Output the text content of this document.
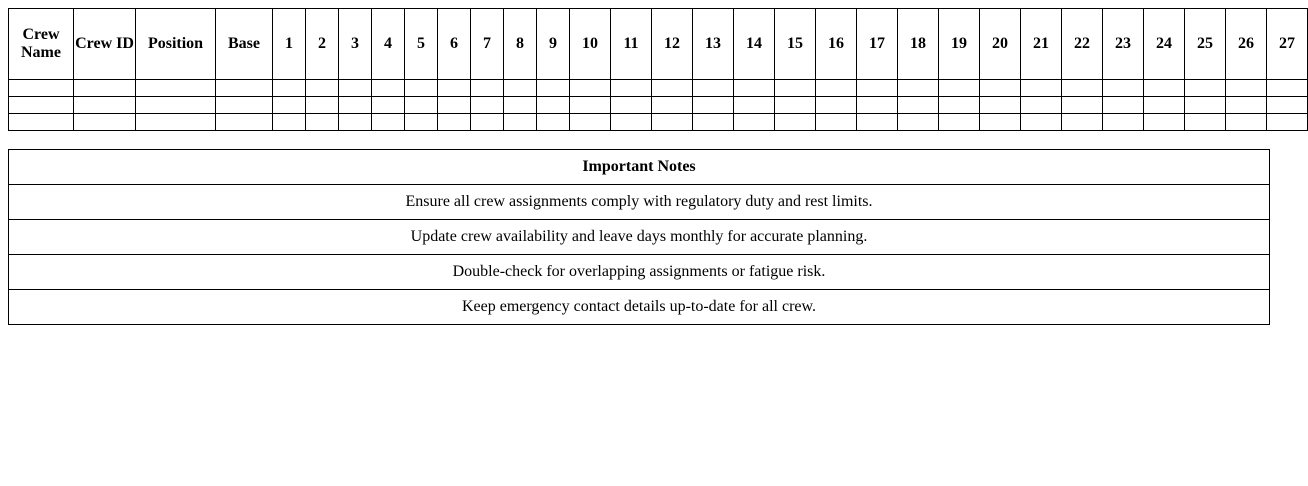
Crew Name	Crew ID	Position	Base	1	2	3	4	5	6	7	8	9	10	11	12	13	14	15	16	17	18	19	20	21	22	23	24	25	26	27

Important Notes
Ensure all crew assignments comply with regulatory duty and rest limits.
Update crew availability and leave days monthly for accurate planning.
Double-check for overlapping assignments or fatigue risk.
Keep emergency contact details up-to-date for all crew.
